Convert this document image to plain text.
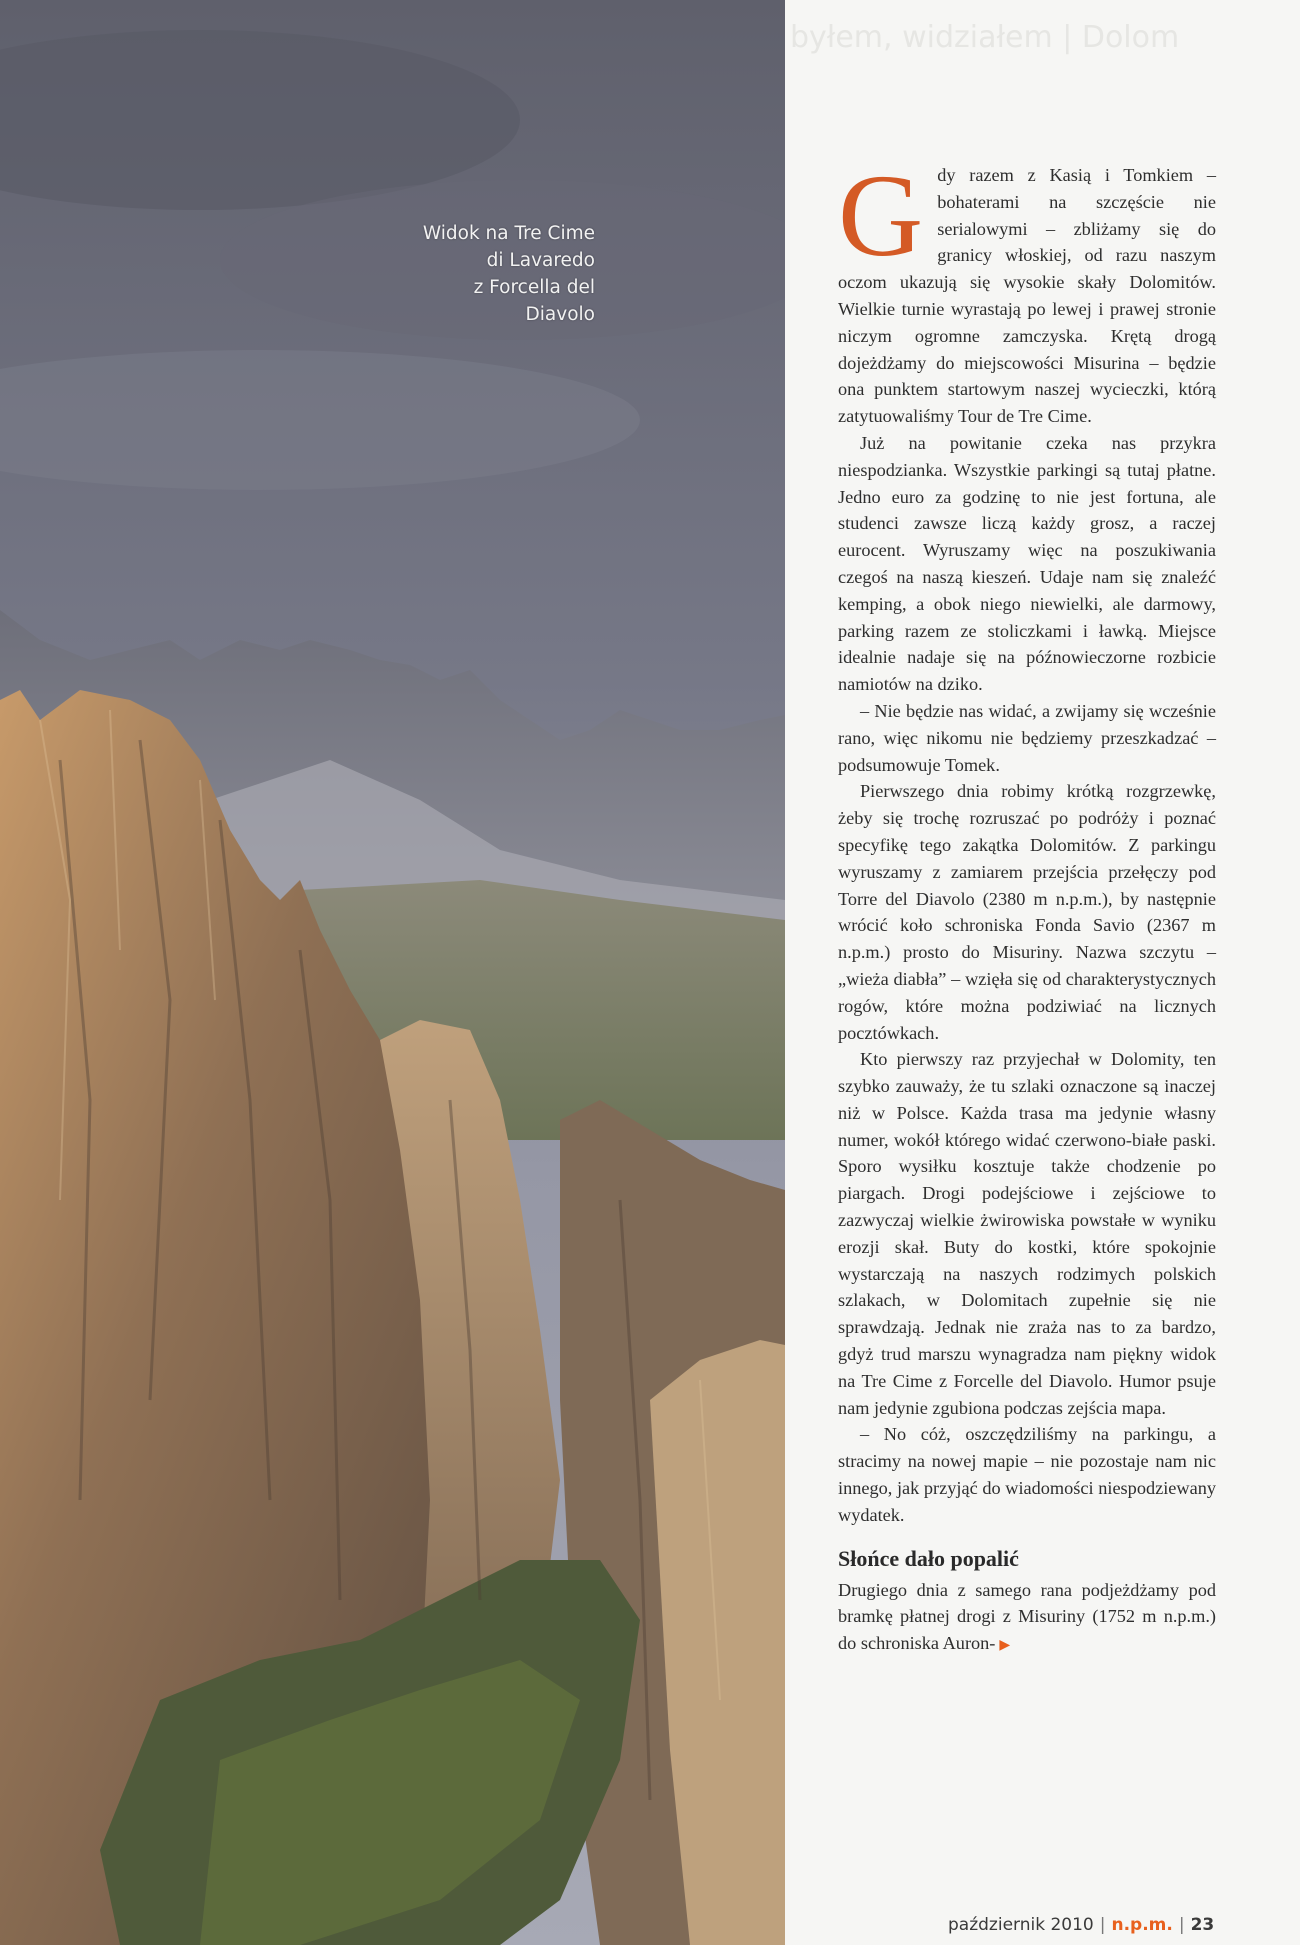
Widok na Tre Cime
di Lavaredo
z Forcella del
Diavolo
byłem, widziałem | Dolom

Gdy razem z Kasią i Tomkiem – bohaterami na szczęście nie serialowymi – zbliżamy się do granicy włoskiej, od razu naszym oczom ukazują się wysokie skały Dolomitów. Wielkie turnie wyrastają po lewej i prawej stronie niczym ogromne zamczyska. Krętą drogą dojeżdżamy do miejscowości Misurina – będzie ona punktem startowym naszej wycieczki, którą zatytuowaliśmy Tour de Tre Cime.

Już na powitanie czeka nas przykra niespodzianka. Wszystkie parkingi są tutaj płatne. Jedno euro za godzinę to nie jest fortuna, ale studenci zawsze liczą każdy grosz, a raczej eurocent. Wyruszamy więc na poszukiwania czegoś na naszą kieszeń. Udaje nam się znaleźć kemping, a obok niego niewielki, ale darmowy, parking razem ze stoliczkami i ławką. Miejsce idealnie nadaje się na późnowieczorne rozbicie namiotów na dziko.

– Nie będzie nas widać, a zwijamy się wcześnie rano, więc nikomu nie będziemy przeszkadzać – podsumowuje Tomek.

Pierwszego dnia robimy krótką rozgrzewkę, żeby się trochę rozruszać po podróży i poznać specyfikę tego zakątka Dolomitów. Z parkingu wyruszamy z zamiarem przejścia przełęczy pod Torre del Diavolo (2380 m n.p.m.), by następnie wrócić koło schroniska Fonda Savio (2367 m n.p.m.) prosto do Misuriny. Nazwa szczytu – „wieża diabła” – wzięła się od charakterystycznych rogów, które można podziwiać na licznych pocztówkach.

Kto pierwszy raz przyjechał w Dolomity, ten szybko zauważy, że tu szlaki oznaczone są inaczej niż w Polsce. Każda trasa ma jedynie własny numer, wokół którego widać czerwono-białe paski. Sporo wysiłku kosztuje także chodzenie po piargach. Drogi podejściowe i zejściowe to zazwyczaj wielkie żwirowiska powstałe w wyniku erozji skał. Buty do kostki, które spokojnie wystarczają na naszych rodzimych polskich szlakach, w Dolomitach zupełnie się nie sprawdzają. Jednak nie zraża nas to za bardzo, gdyż trud marszu wynagradza nam piękny widok na Tre Cime z Forcelle del Diavolo. Humor psuje nam jedynie zgubiona podczas zejścia mapa.

– No cóż, oszczędziliśmy na parkingu, a stracimy na nowej mapie – nie pozostaje nam nic innego, jak przyjąć do wiadomości niespodziewany wydatek.

Słońce dało popalić

Drugiego dnia z samego rana podjeżdżamy pod bramkę płatnej drogi z Misuriny (1752 m n.p.m.) do schroniska Auron- ▶

październik 2010 | n.p.m. | 23
